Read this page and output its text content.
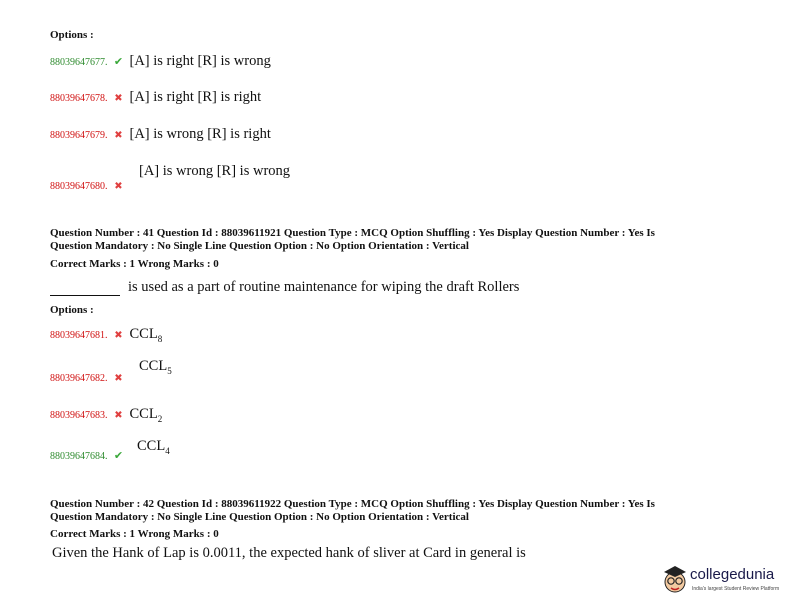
Options :
88039647677. ✔ [A] is right [R] is wrong
88039647678. ✖ [A] is right [R] is right
88039647679. ✖ [A] is wrong [R] is right
88039647680. ✖
[A] is wrong [R] is wrong
Question Number : 41 Question Id : 88039611921 Question Type : MCQ Option Shuffling : Yes Display Question Number : Yes Is
Question Mandatory : No Single Line Question Option : No Option Orientation : Vertical
Correct Marks : 1 Wrong Marks : 0
is used as a part of routine maintenance for wiping the draft Rollers
Options :
88039647681. ✖ $CCL_8$
88039647682. ✖
$CCL_5$
88039647683. ✖ $CCL_2$
88039647684. ✔
$CCL_4$
Question Number : 42 Question Id : 88039611922 Question Type : MCQ Option Shuffling : Yes Display Question Number : Yes Is
Question Mandatory : No Single Line Question Option : No Option Orientation : Vertical
Correct Marks : 1 Wrong Marks : 0
Given the Hank of Lap is 0.0011, the expected hank of sliver at Card in general is
collegedunia
India's largest Student Review Platform
